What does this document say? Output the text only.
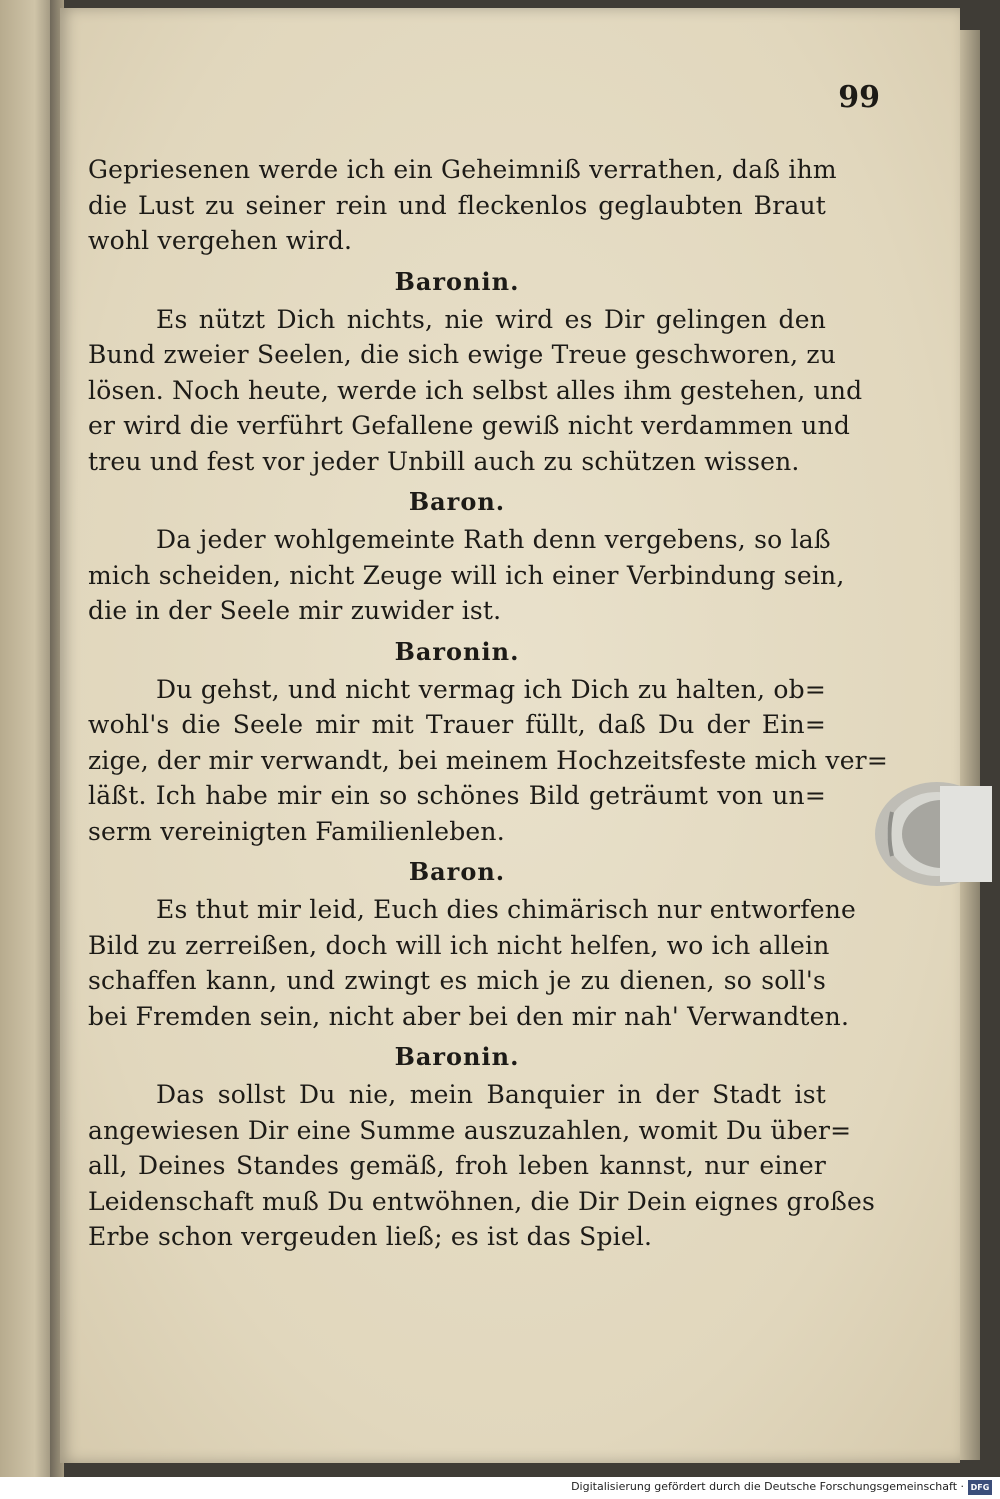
99
Gepriesenen werde ich ein Geheimniß verrathen, daß ihm
die Lust zu seiner rein und fleckenlos geglaubten Braut
wohl vergehen wird.
Baronin.
Es nützt Dich nichts, nie wird es Dir gelingen den
Bund zweier Seelen, die sich ewige Treue geschworen, zu
lösen. Noch heute, werde ich selbst alles ihm gestehen, und
er wird die verführt Gefallene gewiß nicht verdammen und
treu und fest vor jeder Unbill auch zu schützen wissen.
Baron.
Da jeder wohlgemeinte Rath denn vergebens, so laß
mich scheiden, nicht Zeuge will ich einer Verbindung sein,
die in der Seele mir zuwider ist.
Baronin.
Du gehst, und nicht vermag ich Dich zu halten, ob=
wohl's die Seele mir mit Trauer füllt, daß Du der Ein=
zige, der mir verwandt, bei meinem Hochzeitsfeste mich ver=
läßt. Ich habe mir ein so schönes Bild geträumt von un=
serm vereinigten Familienleben.
Baron.
Es thut mir leid, Euch dies chimärisch nur entworfene
Bild zu zerreißen, doch will ich nicht helfen, wo ich allein
schaffen kann, und zwingt es mich je zu dienen, so soll's
bei Fremden sein, nicht aber bei den mir nah' Verwandten.
Baronin.
Das sollst Du nie, mein Banquier in der Stadt ist
angewiesen Dir eine Summe auszuzahlen, womit Du über=
all, Deines Standes gemäß, froh leben kannst, nur einer
Leidenschaft muß Du entwöhnen, die Dir Dein eignes großes
Erbe schon vergeuden ließ; es ist das Spiel.
Digitalisierung gefördert durch die Deutsche Forschungsgemeinschaft · DFG
